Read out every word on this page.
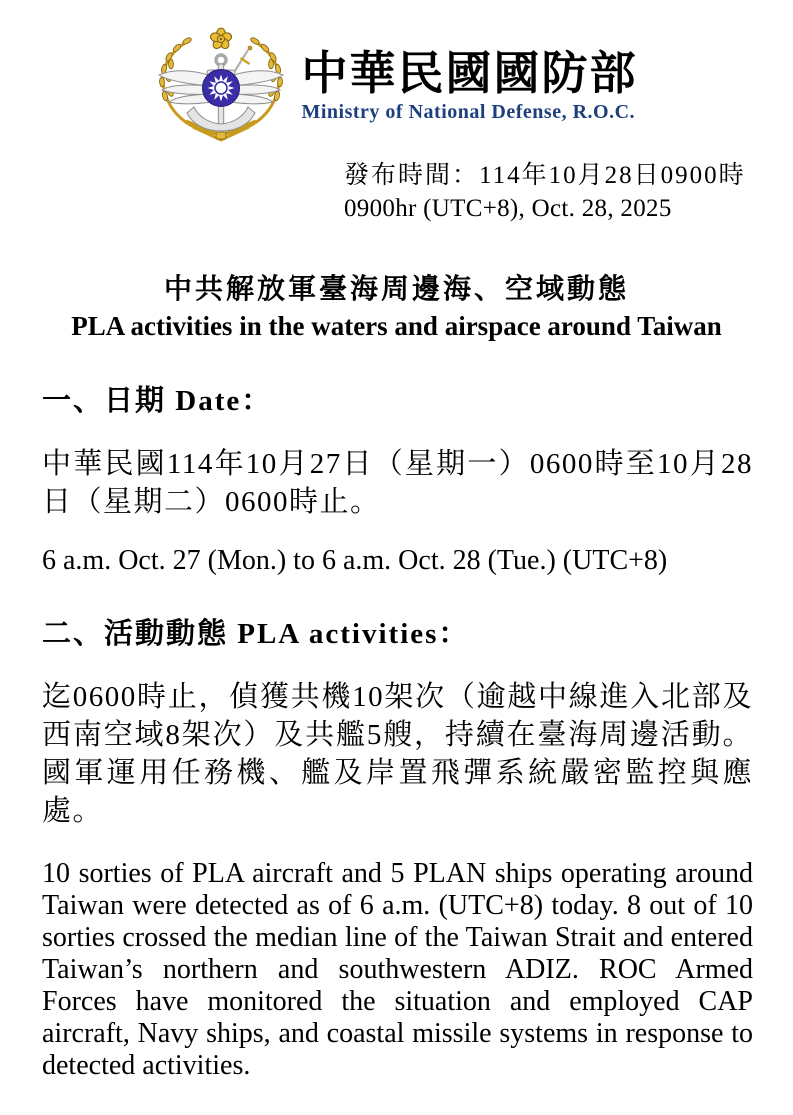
中華民國國防部
Ministry of National Defense, R.O.C.
發布時間：114年10月28日0900時
0900hr (UTC+8), Oct. 28, 2025
中共解放軍臺海周邊海、空域動態
PLA activities in the waters and airspace around Taiwan
一、日期 Date：

中華民國114年10月27日（星期一）0600時至10月28日（星期二）0600時止。

6 a.m. Oct. 27 (Mon.) to 6 a.m. Oct. 28 (Tue.) (UTC+8)

二、活動動態 PLA activities：

迄0600時止，偵獲共機10架次（逾越中線進入北部及西南空域8架次）及共艦5艘，持續在臺海周邊活動。國軍運用任務機、艦及岸置飛彈系統嚴密監控與應處。

10 sorties of PLA aircraft and 5 PLAN ships operating around Taiwan were detected as of 6 a.m. (UTC+8) today. 8 out of 10 sorties crossed the median line of the Taiwan Strait and entered Taiwan’s northern and southwestern ADIZ. ROC Armed Forces have monitored the situation and employed CAP aircraft, Navy ships, and coastal missile systems in response to detected activities.
